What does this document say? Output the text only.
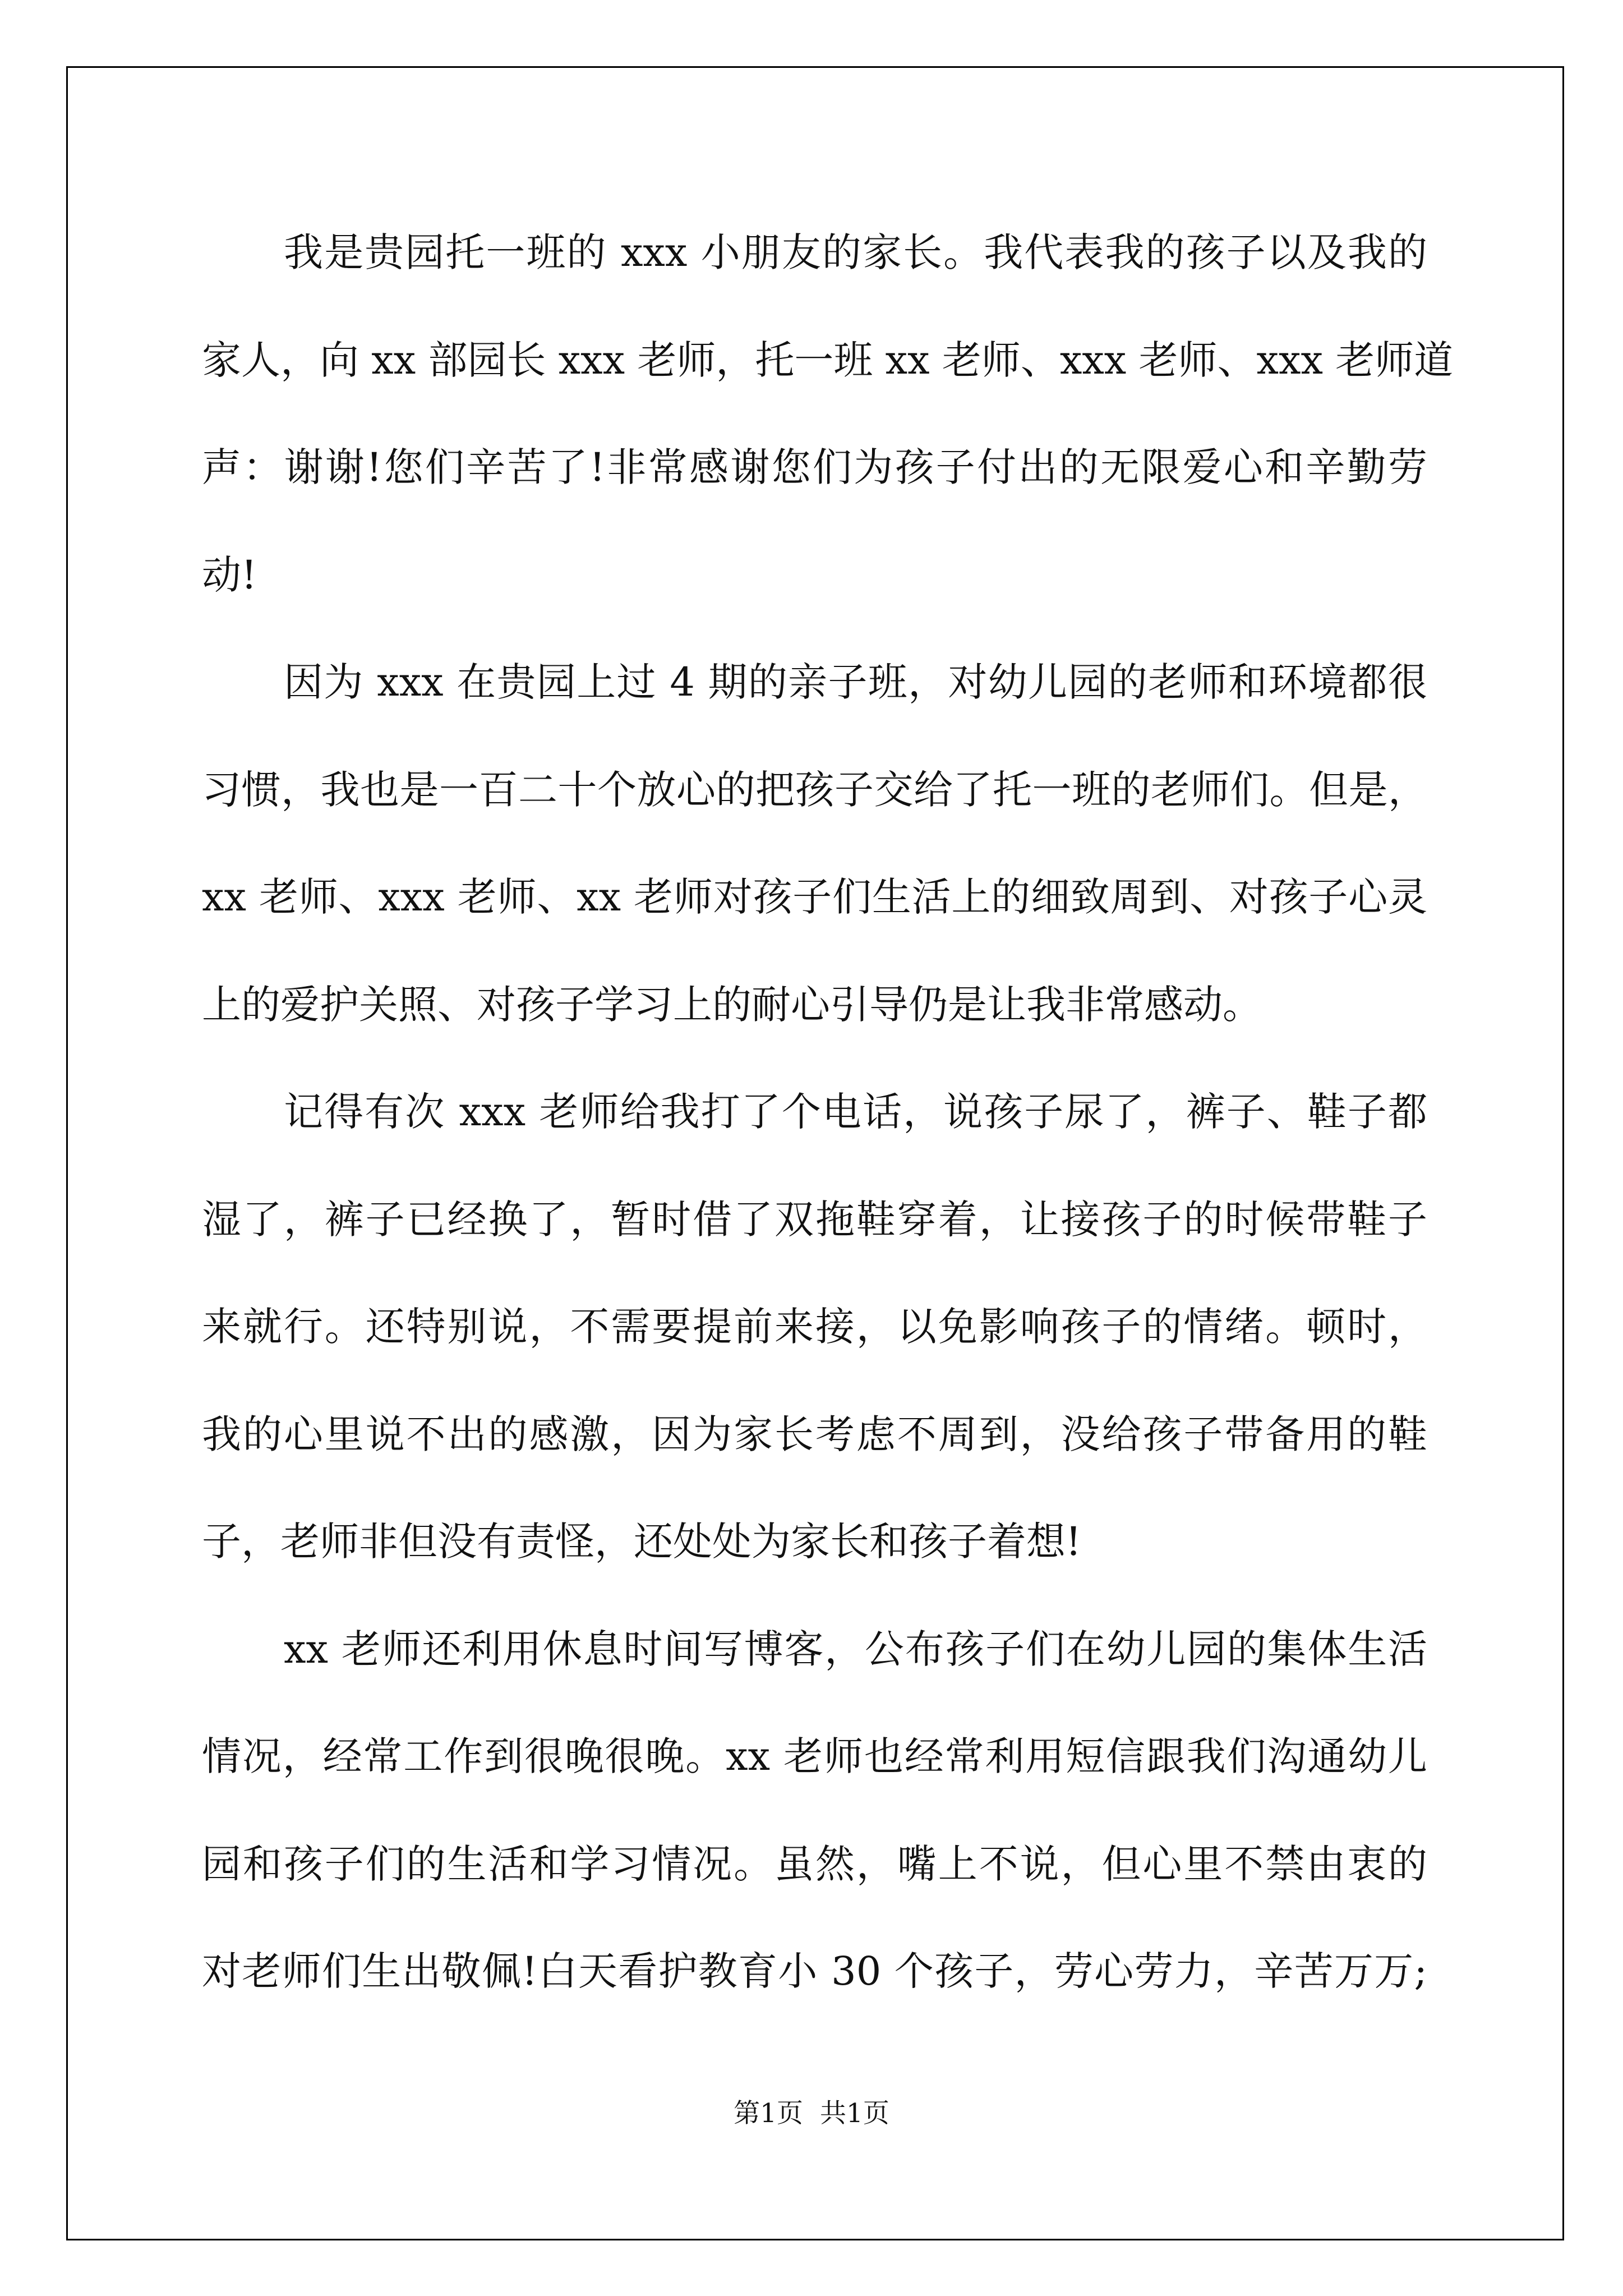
我是贵园托一班的 xxx 小朋友的家长。我代表我的孩子以及我的
家人，向 xx 部园长 xxx 老师，托一班 xx 老师、xxx 老师、xxx 老师道
声：谢谢!您们辛苦了!非常感谢您们为孩子付出的无限爱心和辛勤劳
动!
因为 xxx 在贵园上过 4 期的亲子班，对幼儿园的老师和环境都很
习惯，我也是一百二十个放心的把孩子交给了托一班的老师们。但是，
xx 老师、xxx 老师、xx 老师对孩子们生活上的细致周到、对孩子心灵
上的爱护关照、对孩子学习上的耐心引导仍是让我非常感动。
记得有次 xxx 老师给我打了个电话，说孩子尿了，裤子、鞋子都
湿了，裤子已经换了，暂时借了双拖鞋穿着，让接孩子的时候带鞋子
来就行。还特别说，不需要提前来接，以免影响孩子的情绪。顿时，
我的心里说不出的感激，因为家长考虑不周到，没给孩子带备用的鞋
子，老师非但没有责怪，还处处为家长和孩子着想!
xx 老师还利用休息时间写博客，公布孩子们在幼儿园的集体生活
情况，经常工作到很晚很晚。xx 老师也经常利用短信跟我们沟通幼儿
园和孩子们的生活和学习情况。虽然，嘴上不说，但心里不禁由衷的
对老师们生出敬佩!白天看护教育小 30 个孩子，劳心劳力，辛苦万万;
第1页  共1页
